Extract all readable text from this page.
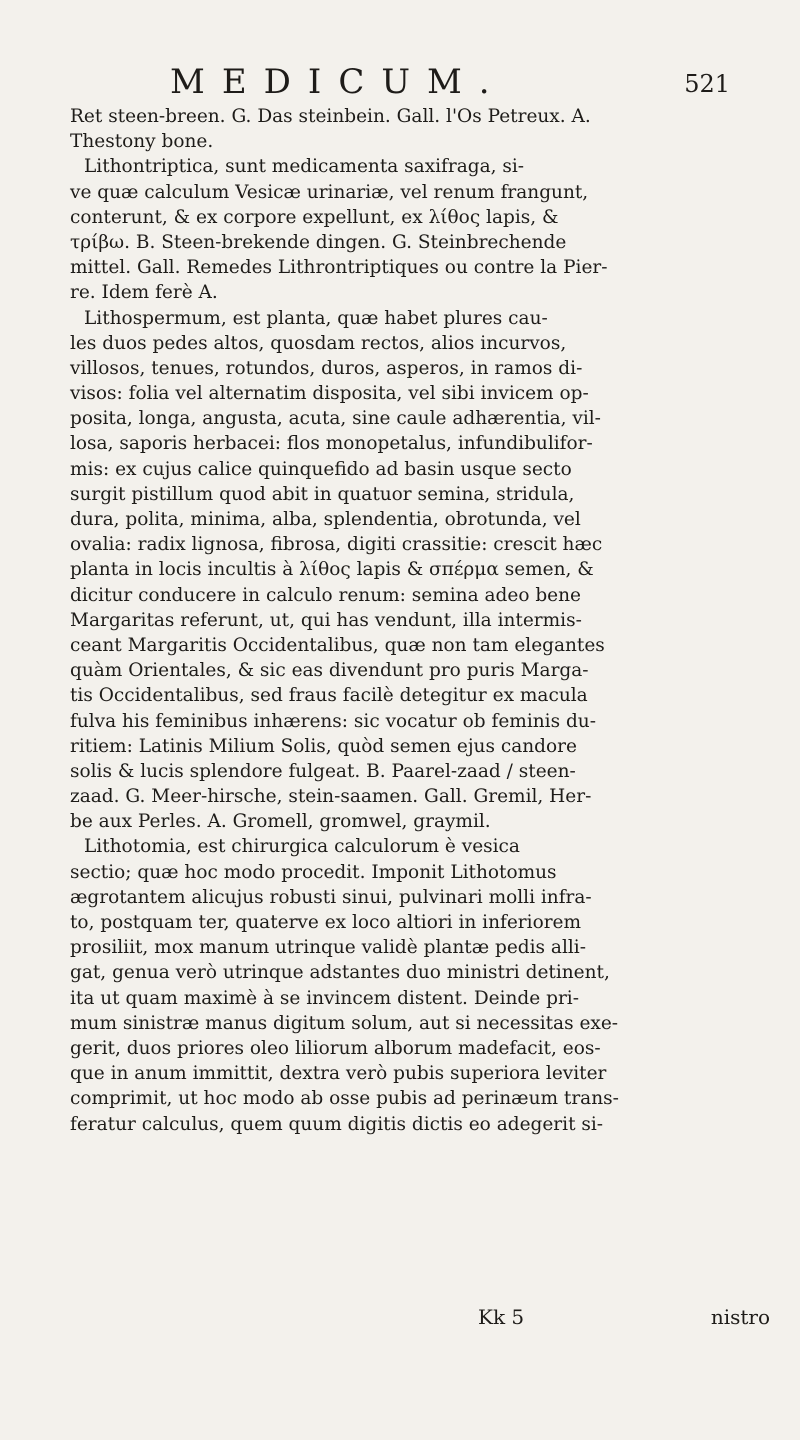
MEDICUM.	521
Ret steen-breen. G. Das steinbein. Gall. l'Os Petreux. A.
Thestony bone.
Lithontriptica, sunt medicamenta saxifraga, si-
ve quæ calculum Vesicæ urinariæ, vel renum frangunt,
conterunt, & ex corpore expellunt, ex λίθος lapis, &
τρίβω. B. Steen-brekende dingen. G. Steinbrechende
mittel. Gall. Remedes Lithrontriptiques ou contre la Pier-
re. Idem ferè A.
Lithospermum, est planta, quæ habet plures cau-
les duos pedes altos, quosdam rectos, alios incurvos,
villosos, tenues, rotundos, duros, asperos, in ramos di-
visos: folia vel alternatim disposita, vel sibi invicem op-
posita, longa, angusta, acuta, sine caule adhærentia, vil-
losa, saporis herbacei: flos monopetalus, infundibulifor-
mis: ex cujus calice quinquefido ad basin usque secto
surgit pistillum quod abit in quatuor semina, stridula,
dura, polita, minima, alba, splendentia, obrotunda, vel
ovalia: radix lignosa, fibrosa, digiti crassitie: crescit hæc
planta in locis incultis à λίθος lapis & σπέρμα semen, &
dicitur conducere in calculo renum: semina adeo bene
Margaritas referunt, ut, qui has vendunt, illa intermis-
ceant Margaritis Occidentalibus, quæ non tam elegantes
quàm Orientales, & sic eas divendunt pro puris Marga-
tis Occidentalibus, sed fraus facilè detegitur ex macula
fulva his feminibus inhærens: sic vocatur ob feminis du-
ritiem: Latinis Milium Solis, quòd semen ejus candore
solis & lucis splendore fulgeat. B. Paarel-zaad / steen-
zaad. G. Meer-hirsche, stein-saamen. Gall. Gremil, Her-
be aux Perles. A. Gromell, gromwel, graymil.
Lithotomia, est chirurgica calculorum è vesica
sectio; quæ hoc modo procedit. Imponit Lithotomus
ægrotantem alicujus robusti sinui, pulvinari molli infra-
to, postquam ter, quaterve ex loco altiori in inferiorem
prosiliit, mox manum utrinque validè plantæ pedis alli-
gat, genua verò utrinque adstantes duo ministri detinent,
ita ut quam maximè à se invincem distent. Deinde pri-
mum sinistræ manus digitum solum, aut si necessitas exe-
gerit, duos priores oleo liliorum alborum madefacit, eos-
que in anum immittit, dextra verò pubis superiora leviter
comprimit, ut hoc modo ab osse pubis ad perinæum trans-
feratur calculus, quem quum digitis dictis eo adegerit si-
Kk 5	nistro
